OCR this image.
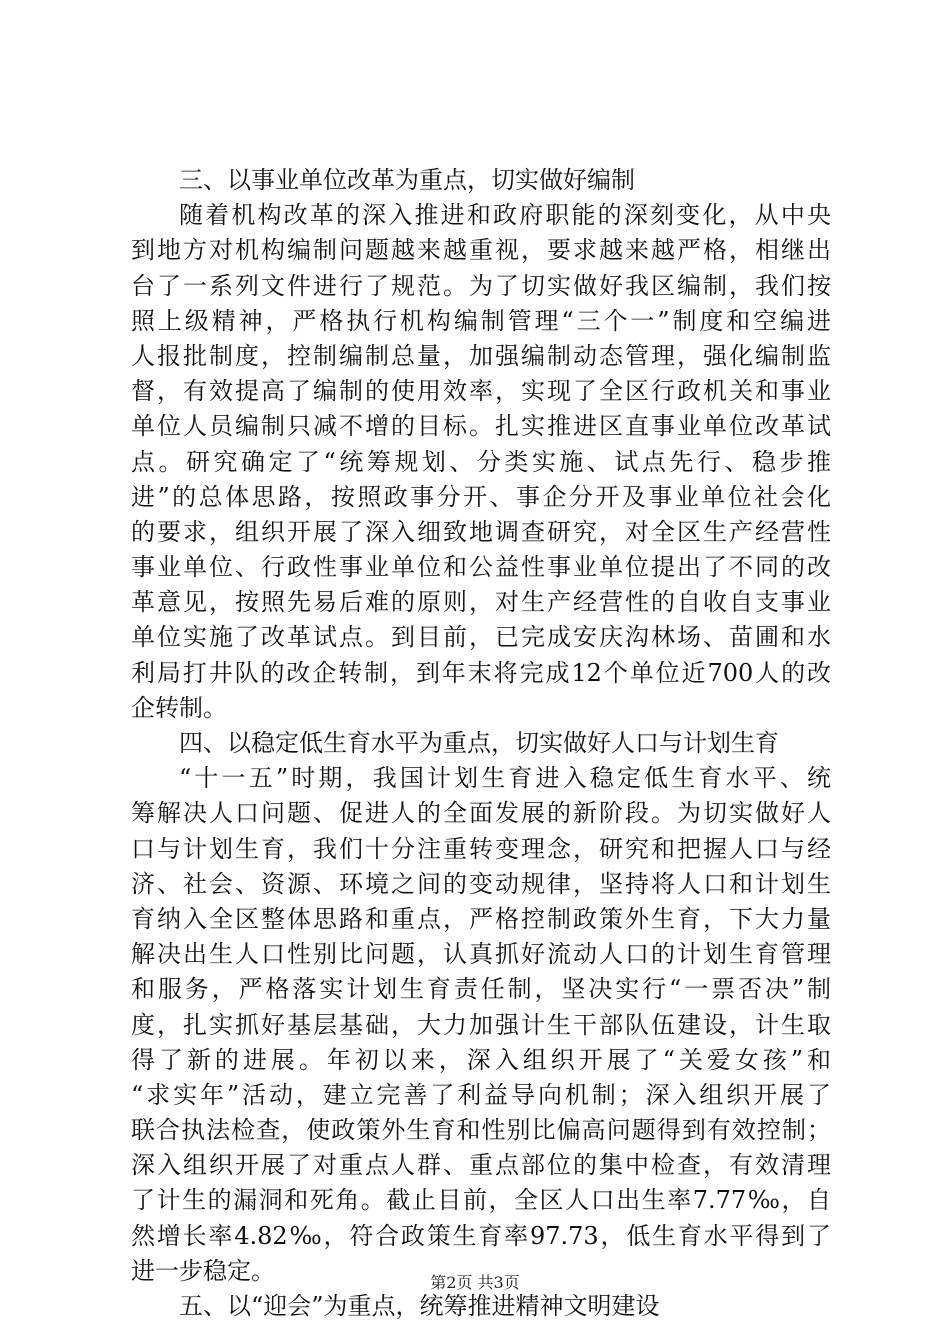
三、以事业单位改革为重点，切实做好编制
随着机构改革的深入推进和政府职能的深刻变化，从中央
到地方对机构编制问题越来越重视，要求越来越严格，相继出
台了一系列文件进行了规范。为了切实做好我区编制，我们按
照上级精神，严格执行机构编制管理“三个一”制度和空编进
人报批制度，控制编制总量，加强编制动态管理，强化编制监
督，有效提高了编制的使用效率，实现了全区行政机关和事业
单位人员编制只减不增的目标。扎实推进区直事业单位改革试
点。研究确定了“统筹规划、分类实施、试点先行、稳步推
进”的总体思路，按照政事分开、事企分开及事业单位社会化
的要求，组织开展了深入细致地调查研究，对全区生产经营性
事业单位、行政性事业单位和公益性事业单位提出了不同的改
革意见，按照先易后难的原则，对生产经营性的自收自支事业
单位实施了改革试点。到目前，已完成安庆沟林场、苗圃和水
利局打井队的改企转制，到年末将完成12个单位近700人的改
企转制。
四、以稳定低生育水平为重点，切实做好人口与计划生育
“十一五”时期，我国计划生育进入稳定低生育水平、统
筹解决人口问题、促进人的全面发展的新阶段。为切实做好人
口与计划生育，我们十分注重转变理念，研究和把握人口与经
济、社会、资源、环境之间的变动规律，坚持将人口和计划生
育纳入全区整体思路和重点，严格控制政策外生育，下大力量
解决出生人口性别比问题，认真抓好流动人口的计划生育管理
和服务，严格落实计划生育责任制，坚决实行“一票否决”制
度，扎实抓好基层基础，大力加强计生干部队伍建设，计生取
得了新的进展。年初以来，深入组织开展了“关爱女孩”和
“求实年”活动，建立完善了利益导向机制；深入组织开展了
联合执法检查，使政策外生育和性别比偏高问题得到有效控制；
深入组织开展了对重点人群、重点部位的集中检查，有效清理
了计生的漏洞和死角。截止目前，全区人口出生率7.77‰，自
然增长率4.82‰，符合政策生育率97.73，低生育水平得到了
进一步稳定。
五、以“迎会”为重点，统筹推进精神文明建设
第2页 共3页
